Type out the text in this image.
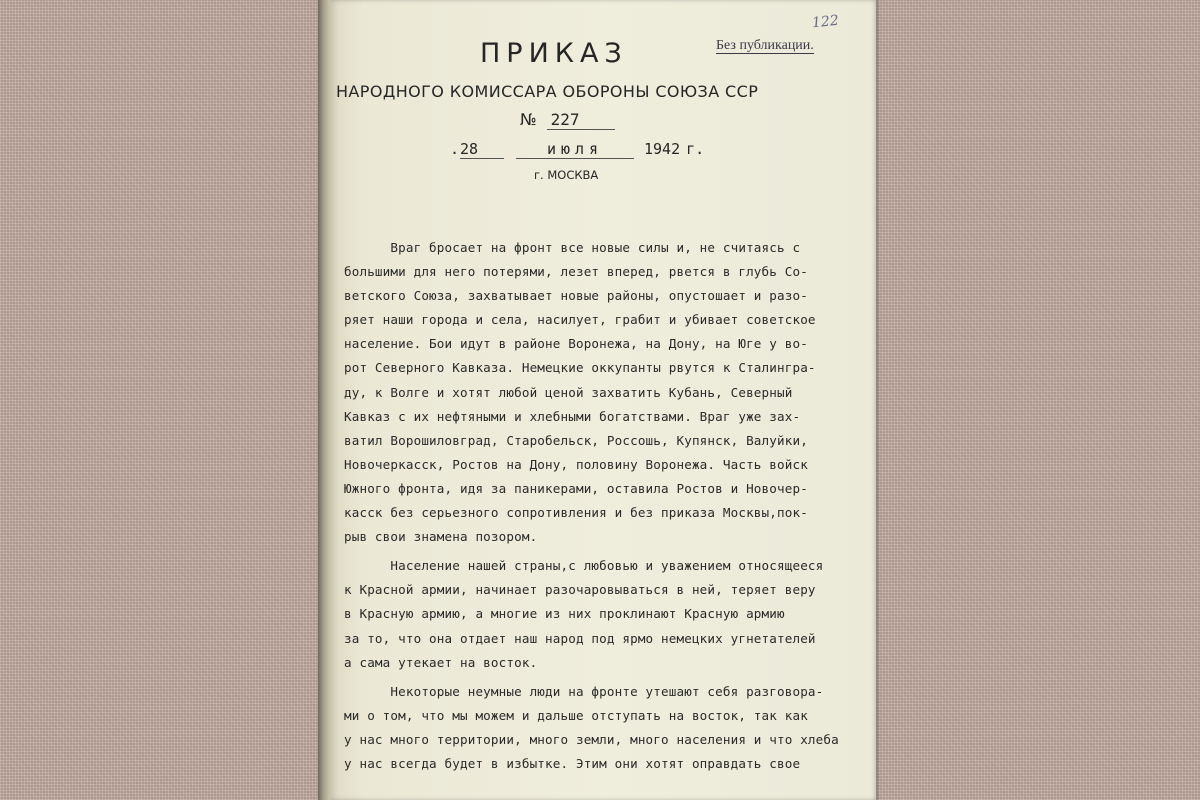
122
Без публикации.
ПРИКАЗ
НАРОДНОГО КОМИССАРА ОБОРОНЫ СОЮЗА ССР
№ 227
.28	июля	1942 г.
г. МОСКВА
Враг бросает на фронт все новые силы и, не считаясь с
большими для него потерями, лезет вперед, рвется в глубь Со-
ветского Союза, захватывает новые районы, опустошает и разо-
ряет наши города и села, насилует, грабит и убивает советское
население. Бои идут в районе Воронежа, на Дону, на Юге у во-
рот Северного Кавказа. Немецкие оккупанты рвутся к Сталингра-
ду, к Волге и хотят любой ценой захватить Кубань, Северный
Кавказ с их нефтяными и хлебными богатствами. Враг уже зах-
ватил Ворошиловград, Старобельск, Россошь, Купянск, Валуйки,
Новочеркасск, Ростов на Дону, половину Воронежа. Часть войск
Южного фронта, идя за паникерами, оставила Ростов и Новочер-
касск без серьезного сопротивления и без приказа Москвы,пок-
рыв свои знамена позором.
Население нашей страны,с любовью и уважением относящееся
к Красной армии, начинает разочаровываться в ней, теряет веру
в Красную армию, а многие из них проклинают Красную армию
за то, что она отдает наш народ под ярмо немецких угнетателей
а сама утекает на восток.
Некоторые неумные люди на фронте утешают себя разговора-
ми о том, что мы можем и дальше отступать на восток, так как
у нас много территории, много земли, много населения и что хлеба
у нас всегда будет в избытке. Этим они хотят оправдать свое
